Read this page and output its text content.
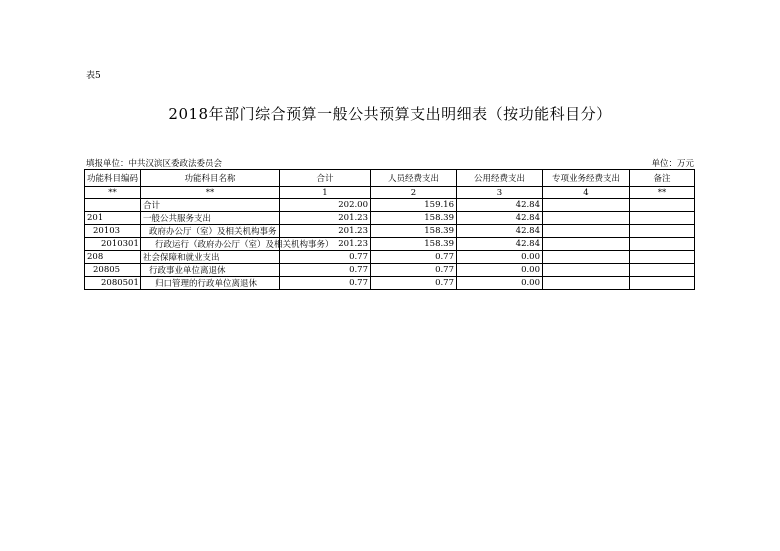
表5
2018年部门综合预算一般公共预算支出明细表（按功能科目分）
填报单位：中共汉滨区委政法委员会	单位：万元
功能科目编码	功能科目名称	合计	人员经费支出	公用经费支出	专项业务经费支出	备注
**	**	1	2	3	4	**
	合计	202.00	159.16	42.84		
201	一般公共服务支出	201.23	158.39	42.84		
20103	政府办公厅（室）及相关机构事务	201.23	158.39	42.84		
2010301	行政运行（政府办公厅（室）及相关机构事务）	201.23	158.39	42.84		
208	社会保障和就业支出	0.77	0.77	0.00		
20805	行政事业单位离退休	0.77	0.77	0.00		
2080501	归口管理的行政单位离退休	0.77	0.77	0.00		
